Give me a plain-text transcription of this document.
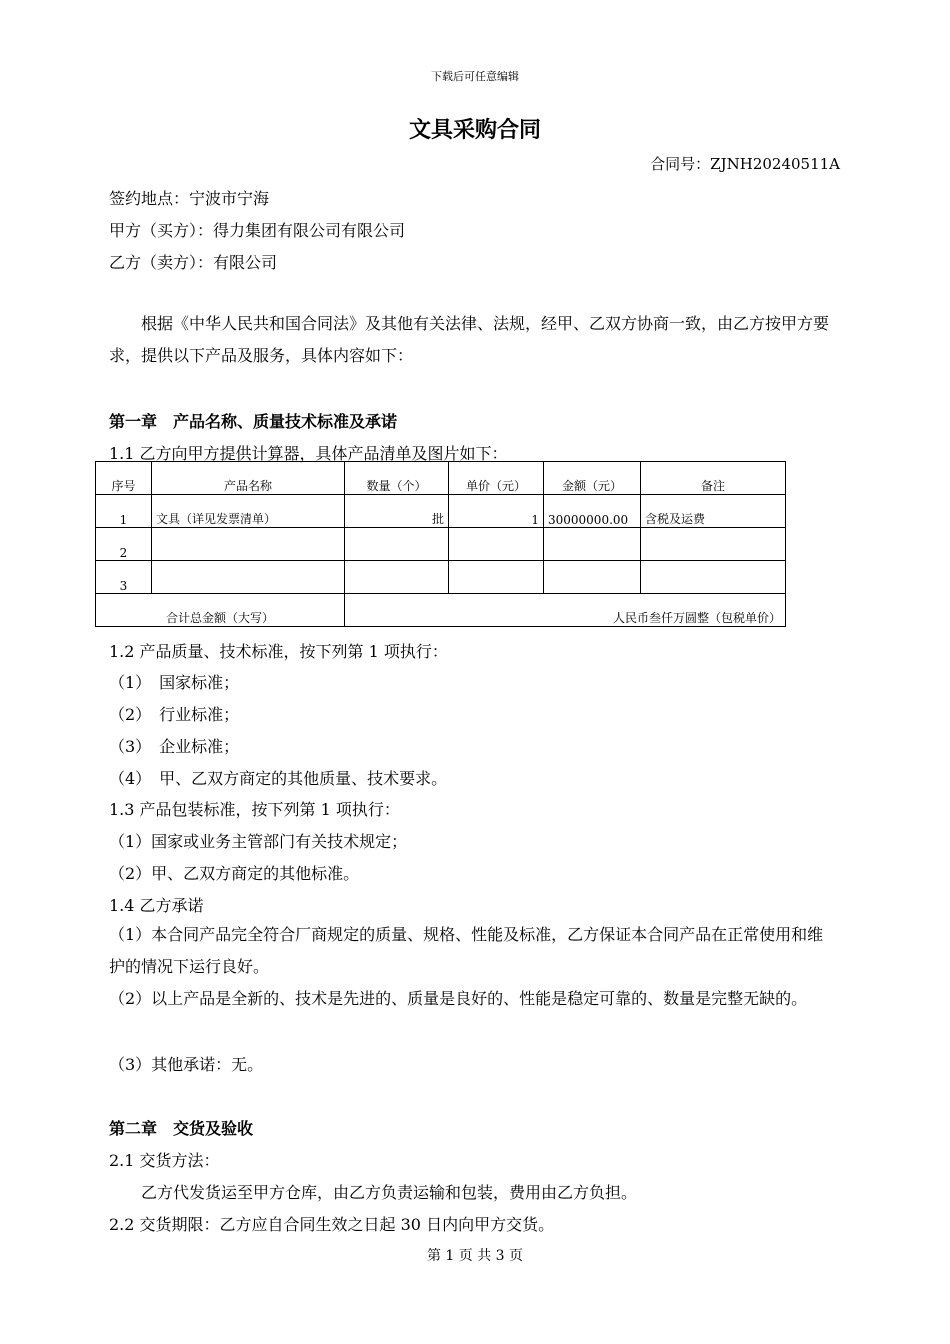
下载后可任意编辑
文具采购合同
合同号：ZJNH20240511A
签约地点：宁波市宁海
甲方（买方）：得力集团有限公司有限公司
乙方（卖方）：有限公司
根据《中华人民共和国合同法》及其他有关法律、法规，经甲、乙双方协商一致，由乙方按甲方要求，提供以下产品及服务，具体内容如下：
第一章　产品名称、质量技术标准及承诺
1.1 乙方向甲方提供计算器，具体产品清单及图片如下：
序号	产品名称	数量（个）	单价（元）	金额（元）	备注
1	文具（详见发票清单）	批	1	30000000.00	含税及运费
2					
3					
合计总金额（大写）		人民币叁仟万圆整（包税单价）			
1.2 产品质量、技术标准，按下列第 1 项执行：
（1）　国家标准；
（2）　行业标准；
（3）　企业标准；
（4）　甲、乙双方商定的其他质量、技术要求。
1.3 产品包装标准，按下列第 1 项执行：
（1）国家或业务主管部门有关技术规定；
（2）甲、乙双方商定的其他标准。
1.4 乙方承诺
（1）本合同产品完全符合厂商规定的质量、规格、性能及标准，乙方保证本合同产品在正常使用和维护的情况下运行良好。
（2）以上产品是全新的、技术是先进的、质量是良好的、性能是稳定可靠的、数量是完整无缺的。
（3）其他承诺：无。
第二章　交货及验收
2.1 交货方法：
乙方代发货运至甲方仓库，由乙方负责运输和包装，费用由乙方负担。
2.2 交货期限：乙方应自合同生效之日起 30 日内向甲方交货。
第 1 页 共 3 页
